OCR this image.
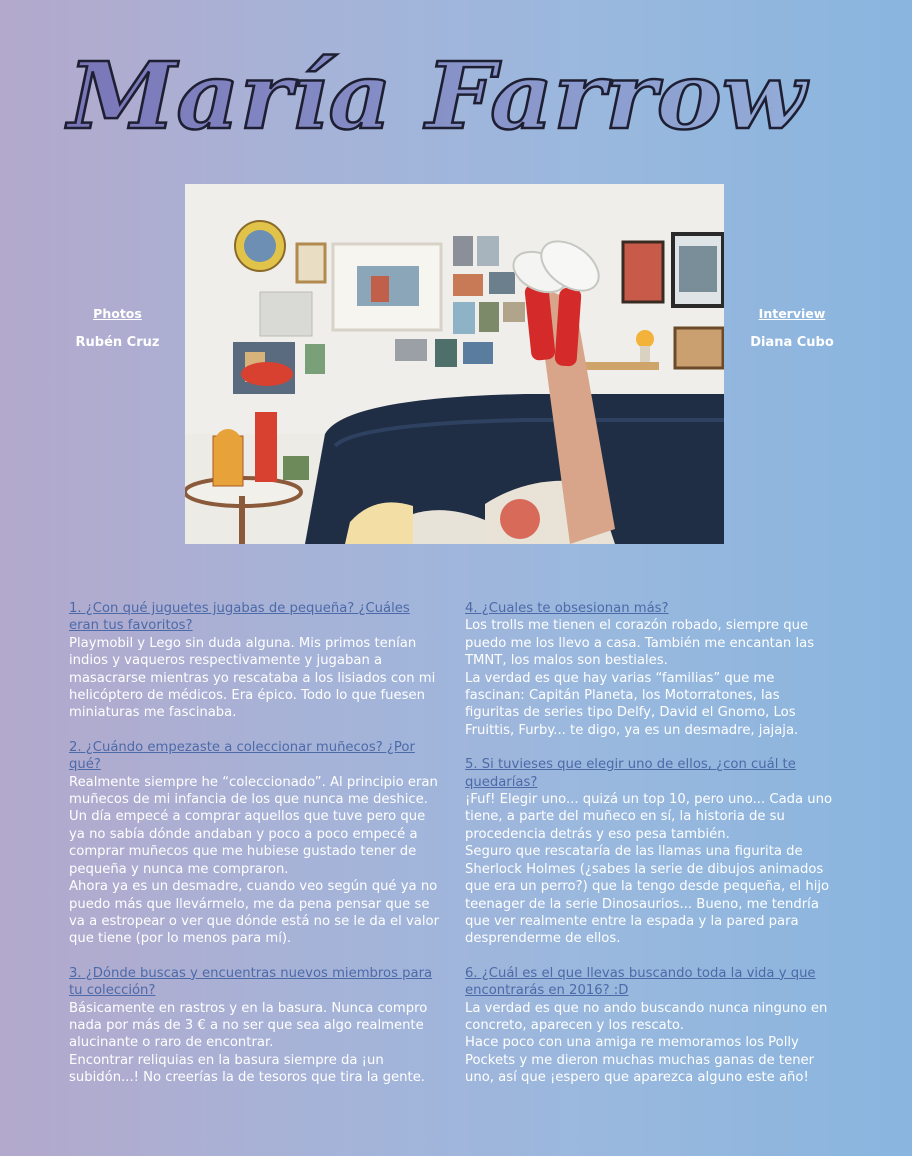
María Farrow
Photos
Rubén Cruz
Interview
Diana Cubo
1. ¿Con qué juguetes jugabas de pequeña? ¿Cuáles eran tus favoritos?

Playmobil y Lego sin duda alguna. Mis primos tenían indios y vaqueros respectivamente y jugaban a masacrarse mientras yo rescataba a los lisiados con mi helicóptero de médicos. Era épico. Todo lo que fuesen miniaturas me fascinaba.

2. ¿Cuándo empezaste a coleccionar muñecos? ¿Por qué?

Realmente siempre he “coleccionado”. Al principio eran muñecos de mi infancia de los que nunca me deshice. Un día empecé a comprar aquellos que tuve pero que ya no sabía dónde andaban y poco a poco empecé a comprar muñecos que me hubiese gustado tener de pequeña y nunca me compraron.

Ahora ya es un desmadre, cuando veo según qué ya no puedo más que llevármelo, me da pena pensar que se va a estropear o ver que dónde está no se le da el valor que tiene (por lo menos para mí).

3. ¿Dónde buscas y encuentras nuevos miembros para tu colección?

Básicamente en rastros y en la basura. Nunca compro nada por más de 3 € a no ser que sea algo realmente alucinante o raro de encontrar.

Encontrar reliquias en la basura siempre da ¡un subidón...! No creerías la de tesoros que tira la gente.

4. ¿Cuales te obsesionan más?

Los trolls me tienen el corazón robado, siempre que puedo me los llevo a casa. También me encantan las TMNT, los malos son bestiales.

La verdad es que hay varias “familias” que me fascinan: Capitán Planeta, los Motorratones, las figuritas de series tipo Delfy, David el Gnomo, Los Fruittis, Furby... te digo, ya es un desmadre, jajaja.

5. Si tuvieses que elegir uno de ellos, ¿con cuál te quedarías?

¡Fuf! Elegir uno... quizá un top 10, pero uno... Cada uno tiene, a parte del muñeco en sí, la historia de su procedencia detrás y eso pesa también.

Seguro que rescataría de las llamas una figurita de Sherlock Holmes (¿sabes la serie de dibujos animados que era un perro?) que la tengo desde pequeña, el hijo teenager de la serie Dinosaurios... Bueno, me tendría que ver realmente entre la espada y la pared para desprenderme de ellos.

6. ¿Cuál es el que llevas buscando toda la vida y que encontrarás en 2016? :D

La verdad es que no ando buscando nunca ninguno en concreto, aparecen y los rescato.

Hace poco con una amiga re memoramos los Polly Pockets y me dieron muchas muchas ganas de tener uno, así que ¡espero que aparezca alguno este año!
